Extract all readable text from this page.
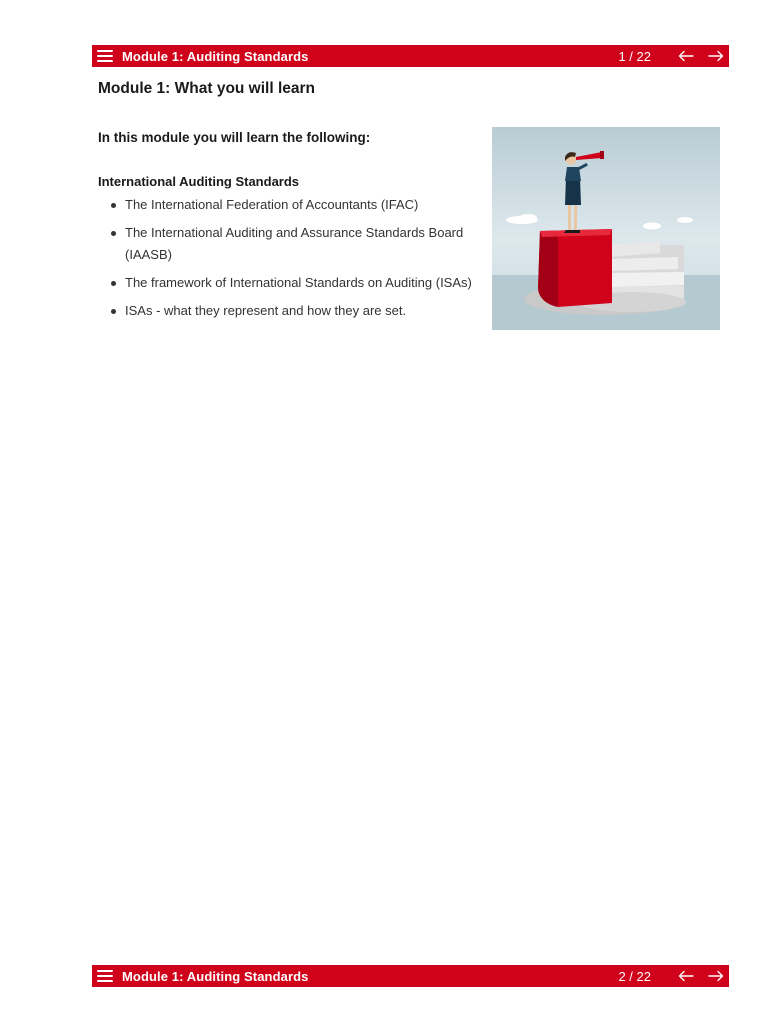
Module 1: Auditing Standards	1 / 22
Module 1: What you will learn

In this module you will learn the following:

International Auditing Standards

The International Federation of Accountants (IFAC)
The International Auditing and Assurance Standards Board (IAASB)
The framework of International Standards on Auditing (ISAs)
ISAs - what they represent and how they are set.
Module 1: Auditing Standards	2 / 22
